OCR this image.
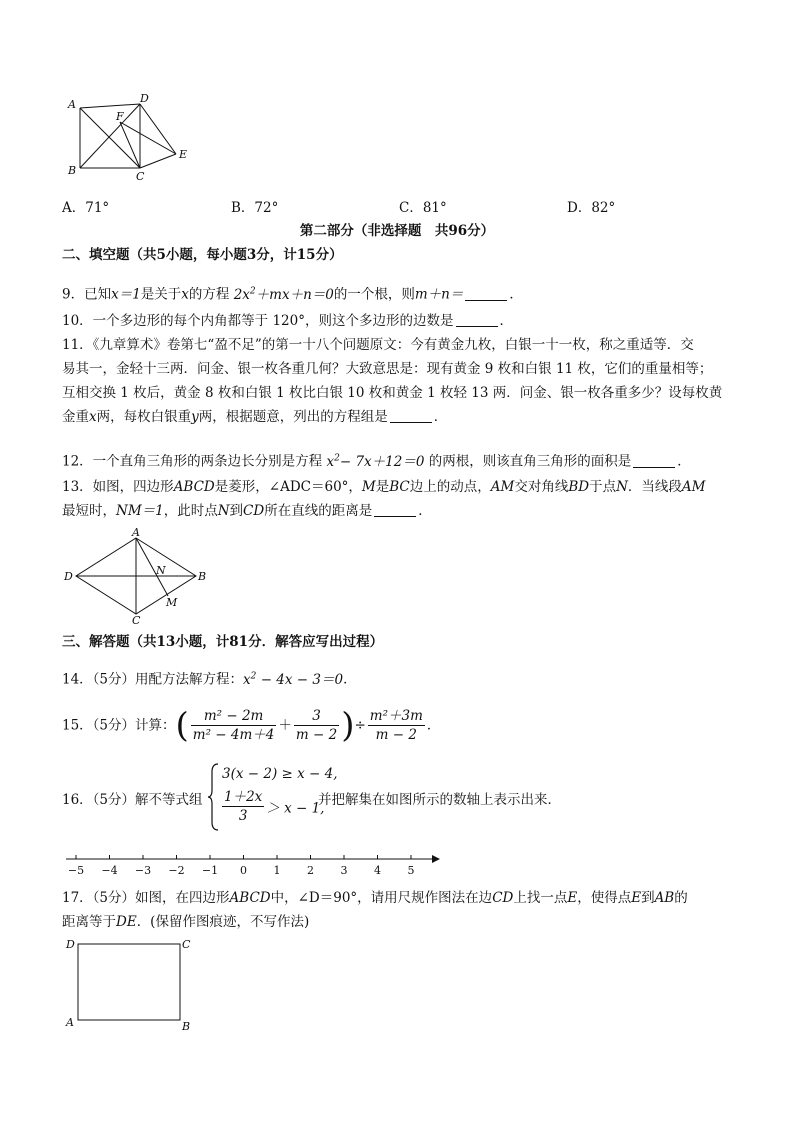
A	D
F
E
B	C
A．71°	B．72°	C．81°	D．82°
第二部分（非选择题　共96分）
二、填空题（共5小题，每小题3分，计15分）
9．已知x＝1是关于x的方程 $2x^2+mx+n=0$的一个根，则m＋n＝	．
10．一个多边形的每个内角都等于 120°，则这个多边形的边数是	．
11．《九章算术》卷第七“盈不足”的第一十八个问题原文：今有黄金九枚，白银一十一枚，称之重适等．交
易其一，金轻十三两．问金、银一枚各重几何？大致意思是：现有黄金 9 枚和白银 11 枚，它们的重量相等；
互相交换 1 枚后，黄金 8 枚和白银 1 枚比白银 10 枚和黄金 1 枚轻 13 两．问金、银一枚各重多少？设每枚黄
金重x两，每枚白银重y两，根据题意，列出的方程组是	．
12．一个直角三角形的两条边长分别是方程 $x^2- 7x+12=0$ 的两根，则该直角三角形的面积是	．
13．如图，四边形ABCD是菱形，∠ADC＝60°，M是BC边上的动点，AM交对角线BD于点N．当线段AM
最短时，NM＝1，此时点N到CD所在直线的距离是	．
A
D	N	B
M
C
三、解答题（共13小题，计81分．解答应写出过程）
14．（5分）用配方法解方程：$x^2 - 4x - 3=0$．
15．（5分）计算：( $\frac{\text{m² − 2m}}{\text{m² − 4m＋4}} + \frac{3}{m - 2}$ )÷ $\frac{\text{m²＋3m}}{m - 2}$ ．
16．（5分）解不等式组
3(x − 2) ≥ x − 4,
$\frac{1+2x}{3} > x - 1$,
并把解集在如图所示的数轴上表示出来．
−5 −4 −3 −2 −1 0 1 2 3 4 5
17．（5分）如图，在四边形ABCD中，∠D＝90°，请用尺规作图法在边CD上找一点E，使得点E到AB的
距离等于DE．(保留作图痕迹，不写作法)
D	C
A	B
